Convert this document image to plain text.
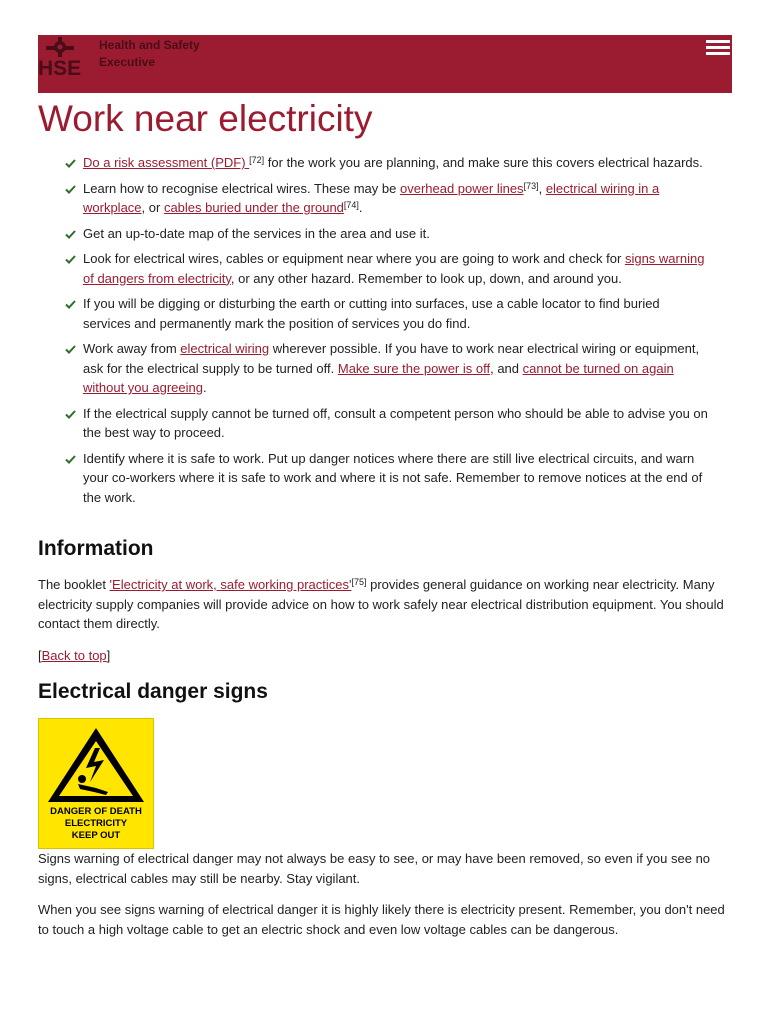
HSE
Health and Safety
Executive
Work near electricity
Do a risk assessment (PDF) [72] for the work you are planning, and make sure this covers electrical hazards.
Learn how to recognise electrical wires. These may be overhead power lines[73], electrical wiring in a workplace, or cables buried under the ground[74].
Get an up-to-date map of the services in the area and use it.
Look for electrical wires, cables or equipment near where you are going to work and check for signs warning of dangers from electricity, or any other hazard. Remember to look up, down, and around you.
If you will be digging or disturbing the earth or cutting into surfaces, use a cable locator to find buried services and permanently mark the position of services you do find.
Work away from electrical wiring wherever possible. If you have to work near electrical wiring or equipment, ask for the electrical supply to be turned off. Make sure the power is off, and cannot be turned on again without you agreeing.
If the electrical supply cannot be turned off, consult a competent person who should be able to advise you on the best way to proceed.
Identify where it is safe to work. Put up danger notices where there are still live electrical circuits, and warn your co-workers where it is safe to work and where it is not safe. Remember to remove notices at the end of the work.
Information

The booklet 'Electricity at work, safe working practices'[75] provides general guidance on working near electricity. Many electricity supply companies will provide advice on how to work safely near electrical distribution equipment. You should contact them directly.

[Back to top]

Electrical danger signs
DANGER OF DEATH
ELECTRICITY
KEEP OUT

Signs warning of electrical danger may not always be easy to see, or may have been removed, so even if you see no signs, electrical cables may still be nearby. Stay vigilant.

When you see signs warning of electrical danger it is highly likely there is electricity present. Remember, you don't need to touch a high voltage cable to get an electric shock and even low voltage cables can be dangerous.
